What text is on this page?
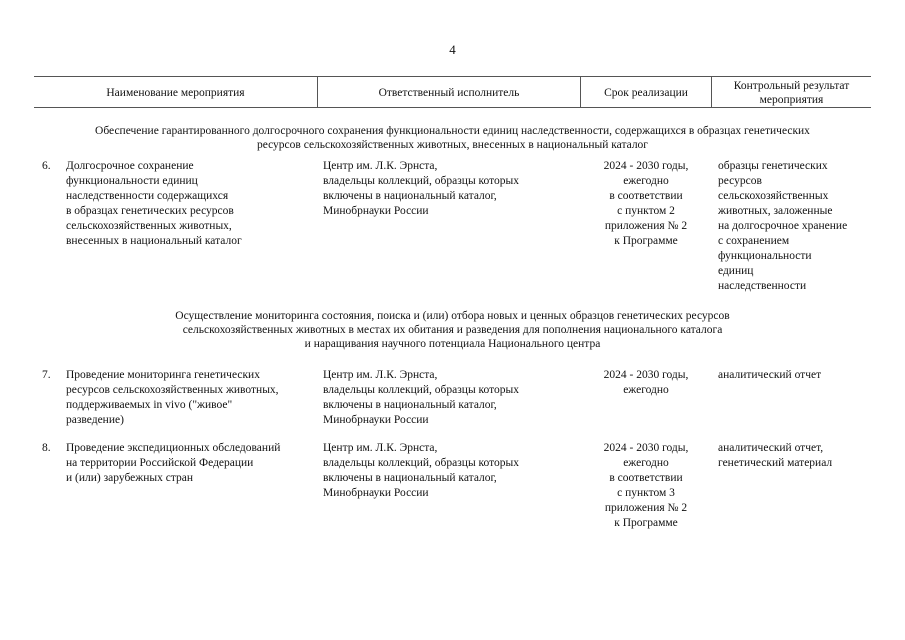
4
Наименование мероприятия	Ответственный исполнитель	Срок реализации
Контрольный результат
мероприятия
Обеспечение гарантированного долгосрочного сохранения функциональности единиц наследственности, содержащихся в образцах генетических
ресурсов сельскохозяйственных животных, внесенных в национальный каталог
6. Долгосрочное сохранение
функциональности единиц
наследственности содержащихся
в образцах генетических ресурсов
сельскохозяйственных животных,
внесенных в национальный каталог
Центр им. Л.К. Эрнста,
владельцы коллекций, образцы которых
включены в национальный каталог,
Минобрнауки России
2024 - 2030 годы,
ежегодно
в соответствии
с пунктом 2
приложения № 2
к Программе
образцы генетических
ресурсов
сельскохозяйственных
животных, заложенные
на долгосрочное хранение
с сохранением
функциональности
единиц
наследственности
Осуществление мониторинга состояния, поиска и (или) отбора новых и ценных образцов генетических ресурсов
сельскохозяйственных животных в местах их обитания и разведения для пополнения национального каталога
и наращивания научного потенциала Национального центра
7. Проведение мониторинга генетических
ресурсов сельскохозяйственных животных,
поддерживаемых in vivo ("живое"
разведение)
Центр им. Л.К. Эрнста,
владельцы коллекций, образцы которых
включены в национальный каталог,
Минобрнауки России
2024 - 2030 годы,
ежегодно
аналитический отчет
8. Проведение экспедиционных обследований
на территории Российской Федерации
и (или) зарубежных стран
Центр им. Л.К. Эрнста,
владельцы коллекций, образцы которых
включены в национальный каталог,
Минобрнауки России
2024 - 2030 годы,
ежегодно
в соответствии
с пунктом 3
приложения № 2
к Программе
аналитический отчет,
генетический материал
